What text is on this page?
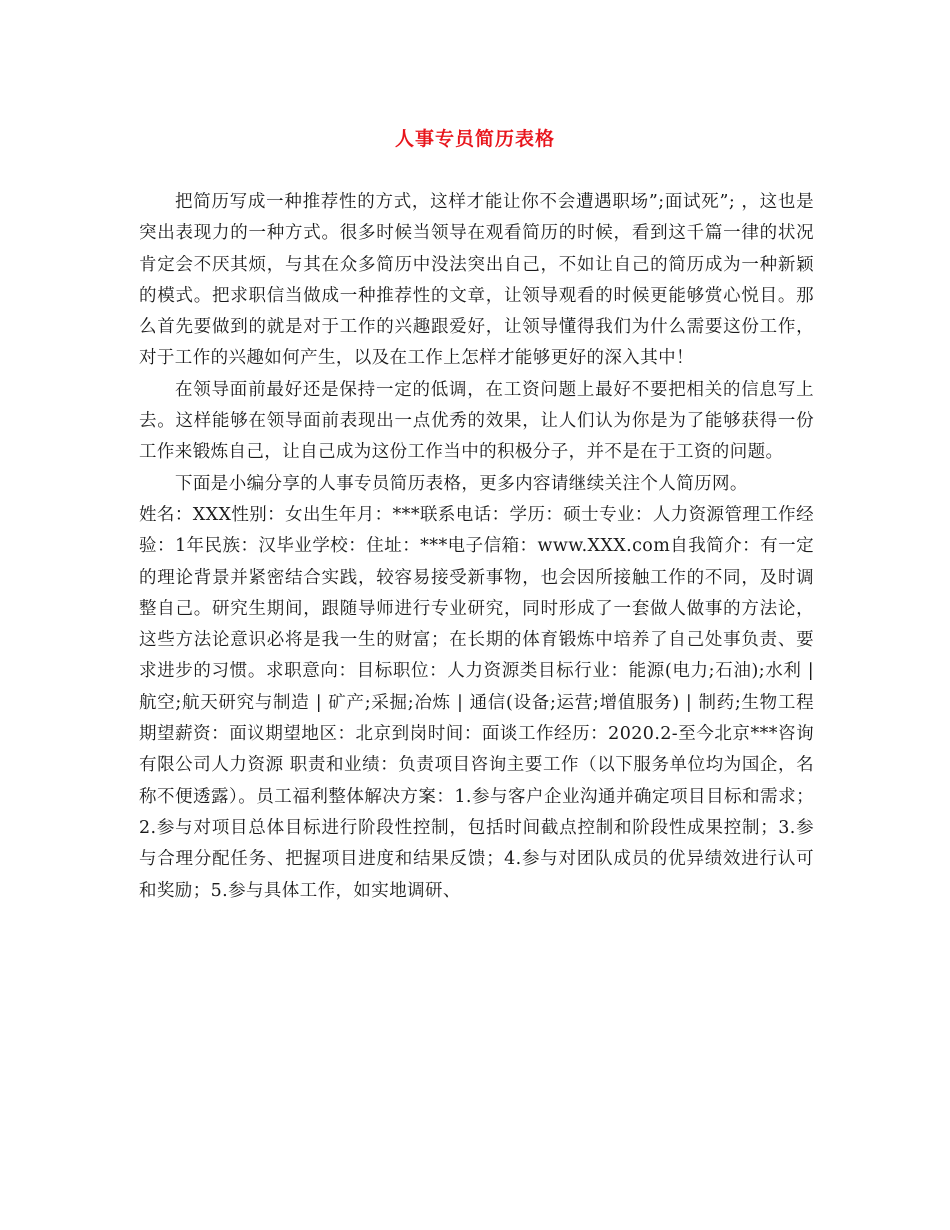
人事专员简历表格

把简历写成一种推荐性的方式，这样才能让你不会遭遇职场”;面试死”; ，这也是突出表现力的一种方式。很多时候当领导在观看简历的时候，看到这千篇一律的状况肯定会不厌其烦，与其在众多简历中没法突出自己，不如让自己的简历成为一种新颖的模式。把求职信当做成一种推荐性的文章，让领导观看的时候更能够赏心悦目。那么首先要做到的就是对于工作的兴趣跟爱好，让领导懂得我们为什么需要这份工作，对于工作的兴趣如何产生，以及在工作上怎样才能够更好的深入其中！

在领导面前最好还是保持一定的低调，在工资问题上最好不要把相关的信息写上去。这样能够在领导面前表现出一点优秀的效果，让人们认为你是为了能够获得一份工作来锻炼自己，让自己成为这份工作当中的积极分子，并不是在于工资的问题。

下面是小编分享的人事专员简历表格，更多内容请继续关注个人简历网。

姓名：XXX性别：女出生年月：***联系电话：学历：硕士专业：人力资源管理工作经验：1年民族：汉毕业学校：住址：***电子信箱：www.XXX.com自我简介：有一定的理论背景并紧密结合实践，较容易接受新事物，也会因所接触工作的不同，及时调整自己。研究生期间，跟随导师进行专业研究，同时形成了一套做人做事的方法论，这些方法论意识必将是我一生的财富；在长期的体育锻炼中培养了自己处事负责、要求进步的习惯。求职意向：目标职位：人力资源类目标行业：能源(电力;石油);水利 | 航空;航天研究与制造 | 矿产;采掘;冶炼 | 通信(设备;运营;增值服务) | 制药;生物工程期望薪资：面议期望地区：北京到岗时间：面谈工作经历：2020.2-至今北京***咨询有限公司人力资源 职责和业绩：负责项目咨询主要工作（以下服务单位均为国企，名称不便透露）。员工福利整体解决方案：1.参与客户企业沟通并确定项目目标和需求；2.参与对项目总体目标进行阶段性控制，包括时间截点控制和阶段性成果控制；3.参与合理分配任务、把握项目进度和结果反馈；4.参与对团队成员的优异绩效进行认可和奖励；5.参与具体工作，如实地调研、
